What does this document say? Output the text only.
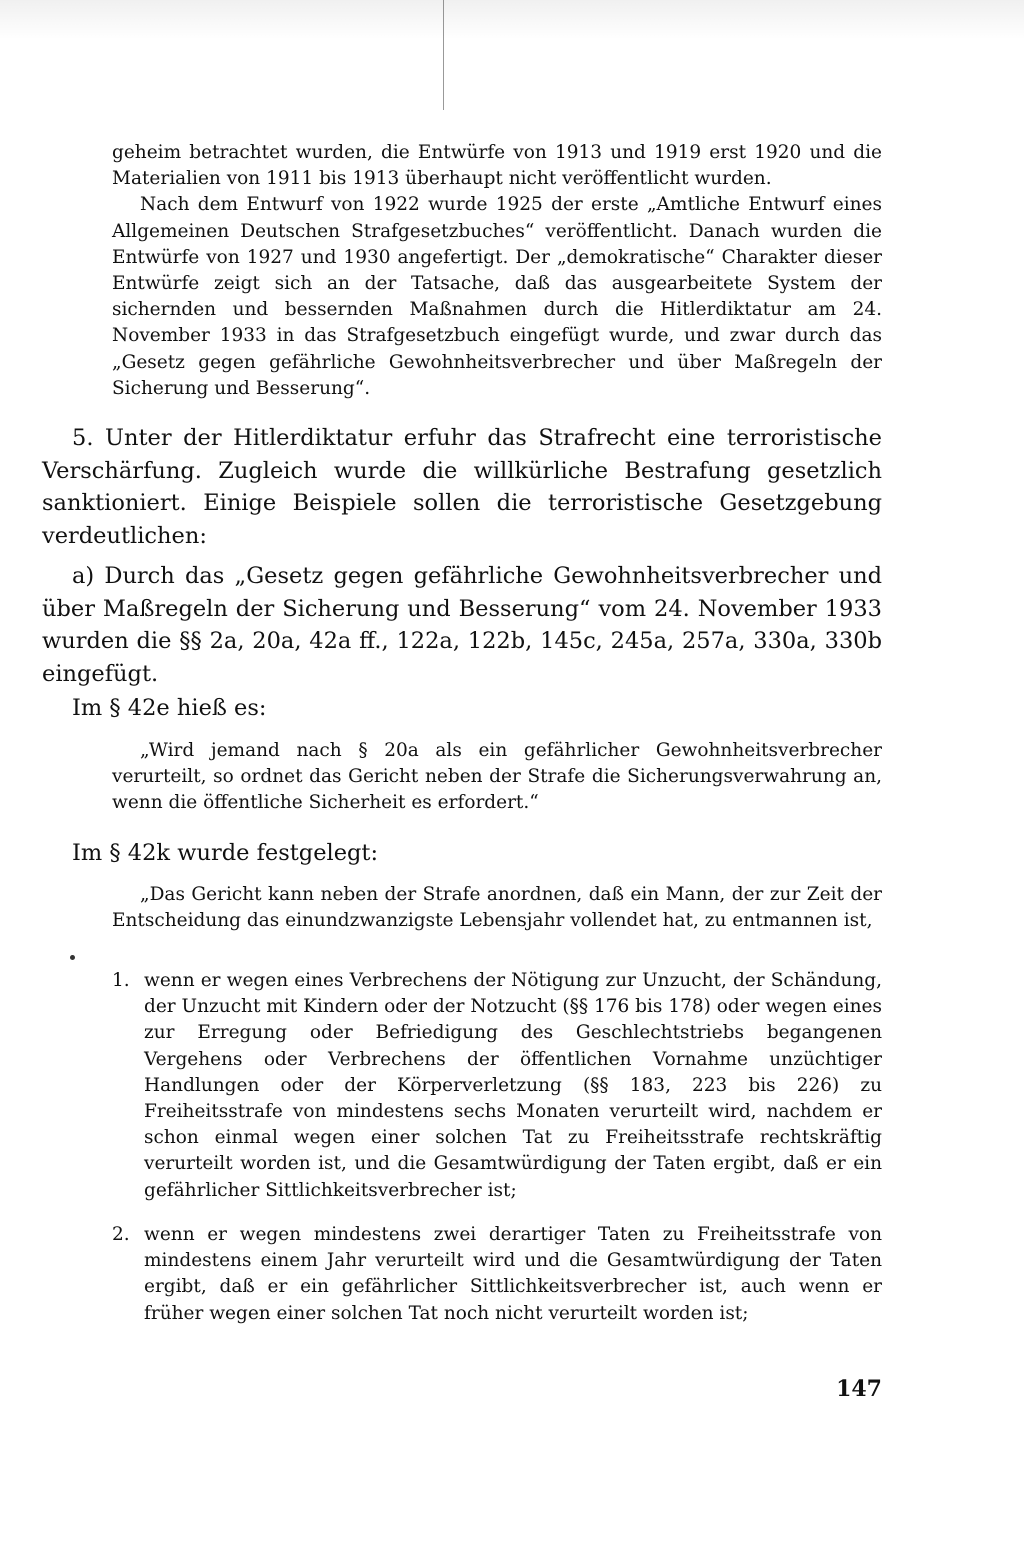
geheim betrachtet wurden, die Entwürfe von 1913 und 1919 erst 1920 und die Materialien von 1911 bis 1913 überhaupt nicht veröffentlicht wurden.

Nach dem Entwurf von 1922 wurde 1925 der erste „Amtliche Entwurf eines Allgemeinen Deutschen Strafgesetzbuches“ veröffentlicht. Danach wurden die Entwürfe von 1927 und 1930 angefertigt. Der „demokratische“ Charakter dieser Entwürfe zeigt sich an der Tatsache, daß das ausgearbeitete System der sichernden und bessernden Maßnahmen durch die Hitlerdiktatur am 24. November 1933 in das Strafgesetzbuch eingefügt wurde, und zwar durch das „Gesetz gegen gefährliche Gewohnheitsverbrecher und über Maßregeln der Sicherung und Besserung“.

5. Unter der Hitlerdiktatur erfuhr das Strafrecht eine terroristische Verschärfung. Zugleich wurde die willkürliche Bestrafung gesetzlich sanktioniert. Einige Beispiele sollen die terroristische Gesetzgebung verdeutlichen:

a) Durch das „Gesetz gegen gefährliche Gewohnheitsverbrecher und über Maßregeln der Sicherung und Besserung“ vom 24. November 1933 wurden die §§ 2a, 20a, 42a ff., 122a, 122b, 145c, 245a, 257a, 330a, 330b eingefügt.

Im § 42e hieß es:

„Wird jemand nach § 20a als ein gefährlicher Gewohnheitsverbrecher verurteilt, so ordnet das Gericht neben der Strafe die Sicherungsverwahrung an, wenn die öffentliche Sicherheit es erfordert.“

Im § 42k wurde festgelegt:

„Das Gericht kann neben der Strafe anordnen, daß ein Mann, der zur Zeit der Entscheidung das einundzwanzigste Lebensjahr vollendet hat, zu entmannen ist,

1. wenn er wegen eines Verbrechens der Nötigung zur Unzucht, der Schändung, der Unzucht mit Kindern oder der Notzucht (§§ 176 bis 178) oder wegen eines zur Erregung oder Befriedigung des Geschlechtstriebs begangenen Vergehens oder Verbrechens der öffentlichen Vornahme unzüchtiger Handlungen oder der Körperverletzung (§§ 183, 223 bis 226) zu Freiheitsstrafe von mindestens sechs Monaten verurteilt wird, nachdem er schon einmal wegen einer solchen Tat zu Freiheitsstrafe rechtskräftig verurteilt worden ist, und die Gesamtwürdigung der Taten ergibt, daß er ein gefährlicher Sittlichkeitsverbrecher ist;
2. wenn er wegen mindestens zwei derartiger Taten zu Freiheitsstrafe von mindestens einem Jahr verurteilt wird und die Gesamtwürdigung der Taten ergibt, daß er ein gefährlicher Sittlichkeitsverbrecher ist, auch wenn er früher wegen einer solchen Tat noch nicht verurteilt worden ist;
147
